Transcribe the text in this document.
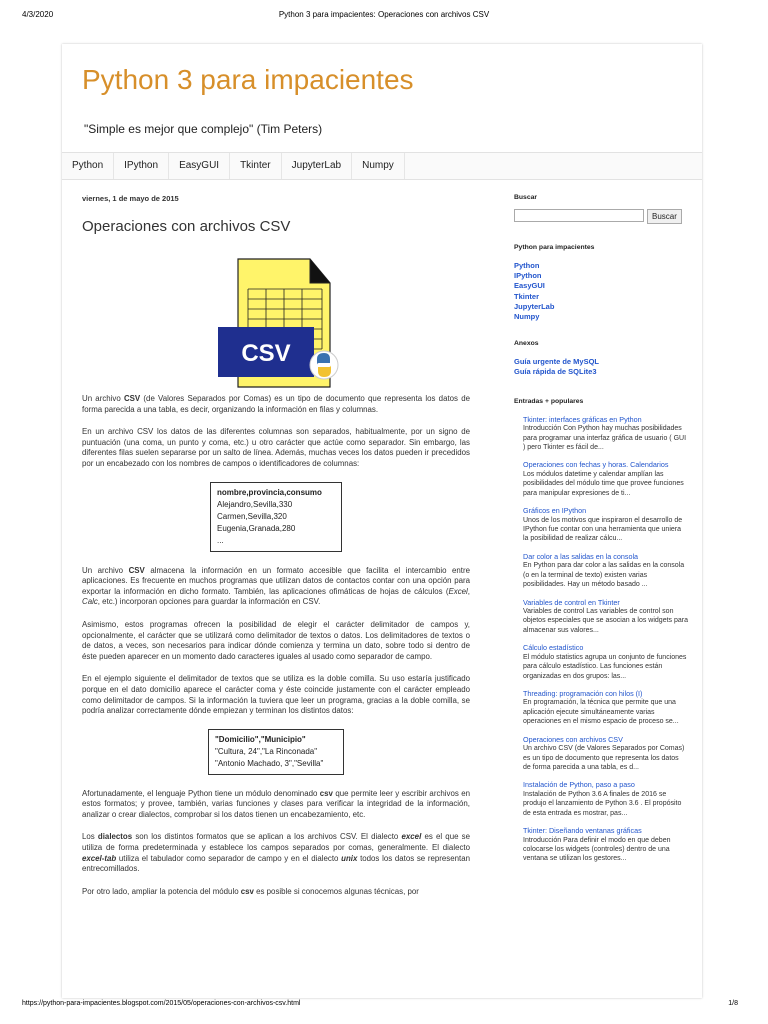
4/3/2020	Python 3 para impacientes: Operaciones con archivos CSV
Python 3 para impacientes
"Simple es mejor que complejo" (Tim Peters)
Python	IPython	EasyGUI	Tkinter	JupyterLab	Numpy
viernes, 1 de mayo de 2015
Operaciones con archivos CSV
CSV

Un archivo CSV (de Valores Separados por Comas) es un tipo de documento que representa los datos de forma parecida a una tabla, es decir, organizando la información en filas y columnas.

En un archivo CSV los datos de las diferentes columnas son separados, habitualmente, por un signo de puntuación (una coma, un punto y coma, etc.) u otro carácter que actúe como separador. Sin embargo, las diferentes filas suelen separarse por un salto de línea. Además, muchas veces los datos pueden ir precedidos por un encabezado con los nombres de campos o identificadores de columnas:

nombre,provincia,consumo
Alejandro,Sevilla,330
Carmen,Sevilla,320
Eugenia,Granada,280
...

Un archivo CSV almacena la información en un formato accesible que facilita el intercambio entre aplicaciones. Es frecuente en muchos programas que utilizan datos de contactos contar con una opción para exportar la información en dicho formato. También, las aplicaciones ofimáticas de hojas de cálculos (Excel, Calc, etc.) incorporan opciones para guardar la información en CSV.

Asimismo, estos programas ofrecen la posibilidad de elegir el carácter delimitador de campos y, opcionalmente, el carácter que se utilizará como delimitador de textos o datos. Los delimitadores de textos o de datos, a veces, son necesarios para indicar dónde comienza y termina un dato, sobre todo si dentro de éste pueden aparecer en un momento dado caracteres iguales al usado como separador de campo.

En el ejemplo siguiente el delimitador de textos que se utiliza es la doble comilla. Su uso estaría justificado porque en el dato domicilio aparece el carácter coma y éste coincide justamente con el carácter empleado como delimitador de campos. Si la información la tuviera que leer un programa, gracias a la doble comilla, se podría analizar correctamente dónde empiezan y terminan los distintos datos:

"Domicilio","Municipio"
"Cultura, 24","La Rinconada"
"Antonio Machado, 3","Sevilla"

Afortunadamente, el lenguaje Python tiene un módulo denominado csv que permite leer y escribir archivos en estos formatos; y provee, también, varias funciones y clases para verificar la integridad de la información, analizar o crear dialectos, comprobar si los datos tienen un encabezamiento, etc.

Los dialectos son los distintos formatos que se aplican a los archivos CSV. El dialecto excel es el que se utiliza de forma predeterminada y establece los campos separados por comas, generalmente. El dialecto excel-tab utiliza el tabulador como separador de campo y en el dialecto unix todos los datos se representan entrecomillados.

Por otro lado, ampliar la potencia del módulo csv es posible si conocemos algunas técnicas, por

Buscar
Buscar
Python para impacientes
Python
IPython
EasyGUI
Tkinter
JupyterLab
Numpy
Anexos
Guía urgente de MySQL
Guía rápida de SQLite3
Entradas + populares
Tkinter: interfaces gráficas en Python
Introducción Con Python hay muchas posibilidades para programar una interfaz gráfica de usuario ( GUI ) pero Tkinter es fácil de...
Operaciones con fechas y horas. Calendarios
Los módulos datetime y calendar amplían las posibilidades del módulo time que provee funciones para manipular expresiones de ti...
Gráficos en IPython
Unos de los motivos que inspiraron el desarrollo de IPython fue contar con una herramienta que uniera la posibilidad de realizar cálcu...
Dar color a las salidas en la consola
En Python para dar color a las salidas en la consola (o en la terminal de texto) existen varias posibilidades. Hay un método basado ...
Variables de control en Tkinter
Variables de control Las variables de control son objetos especiales que se asocian a los widgets para almacenar sus valores...
Cálculo estadístico
El módulo statistics agrupa un conjunto de funciones para cálculo estadístico. Las funciones están organizadas en dos grupos: las...
Threading: programación con hilos (I)
En programación, la técnica que permite que una aplicación ejecute simultáneamente varias operaciones en el mismo espacio de proceso se...
Operaciones con archivos CSV
Un archivo CSV (de Valores Separados por Comas) es un tipo de documento que representa los datos de forma parecida a una tabla, es d...
Instalación de Python, paso a paso
Instalación de Python 3.6 A finales de 2016 se produjo el lanzamiento de Python 3.6 . El propósito de esta entrada es mostrar, pas...
Tkinter: Diseñando ventanas gráficas
Introducción Para definir el modo en que deben colocarse los widgets (controles) dentro de una ventana se utilizan los gestores...
https://python-para-impacientes.blogspot.com/2015/05/operaciones-con-archivos-csv.html	1/8
